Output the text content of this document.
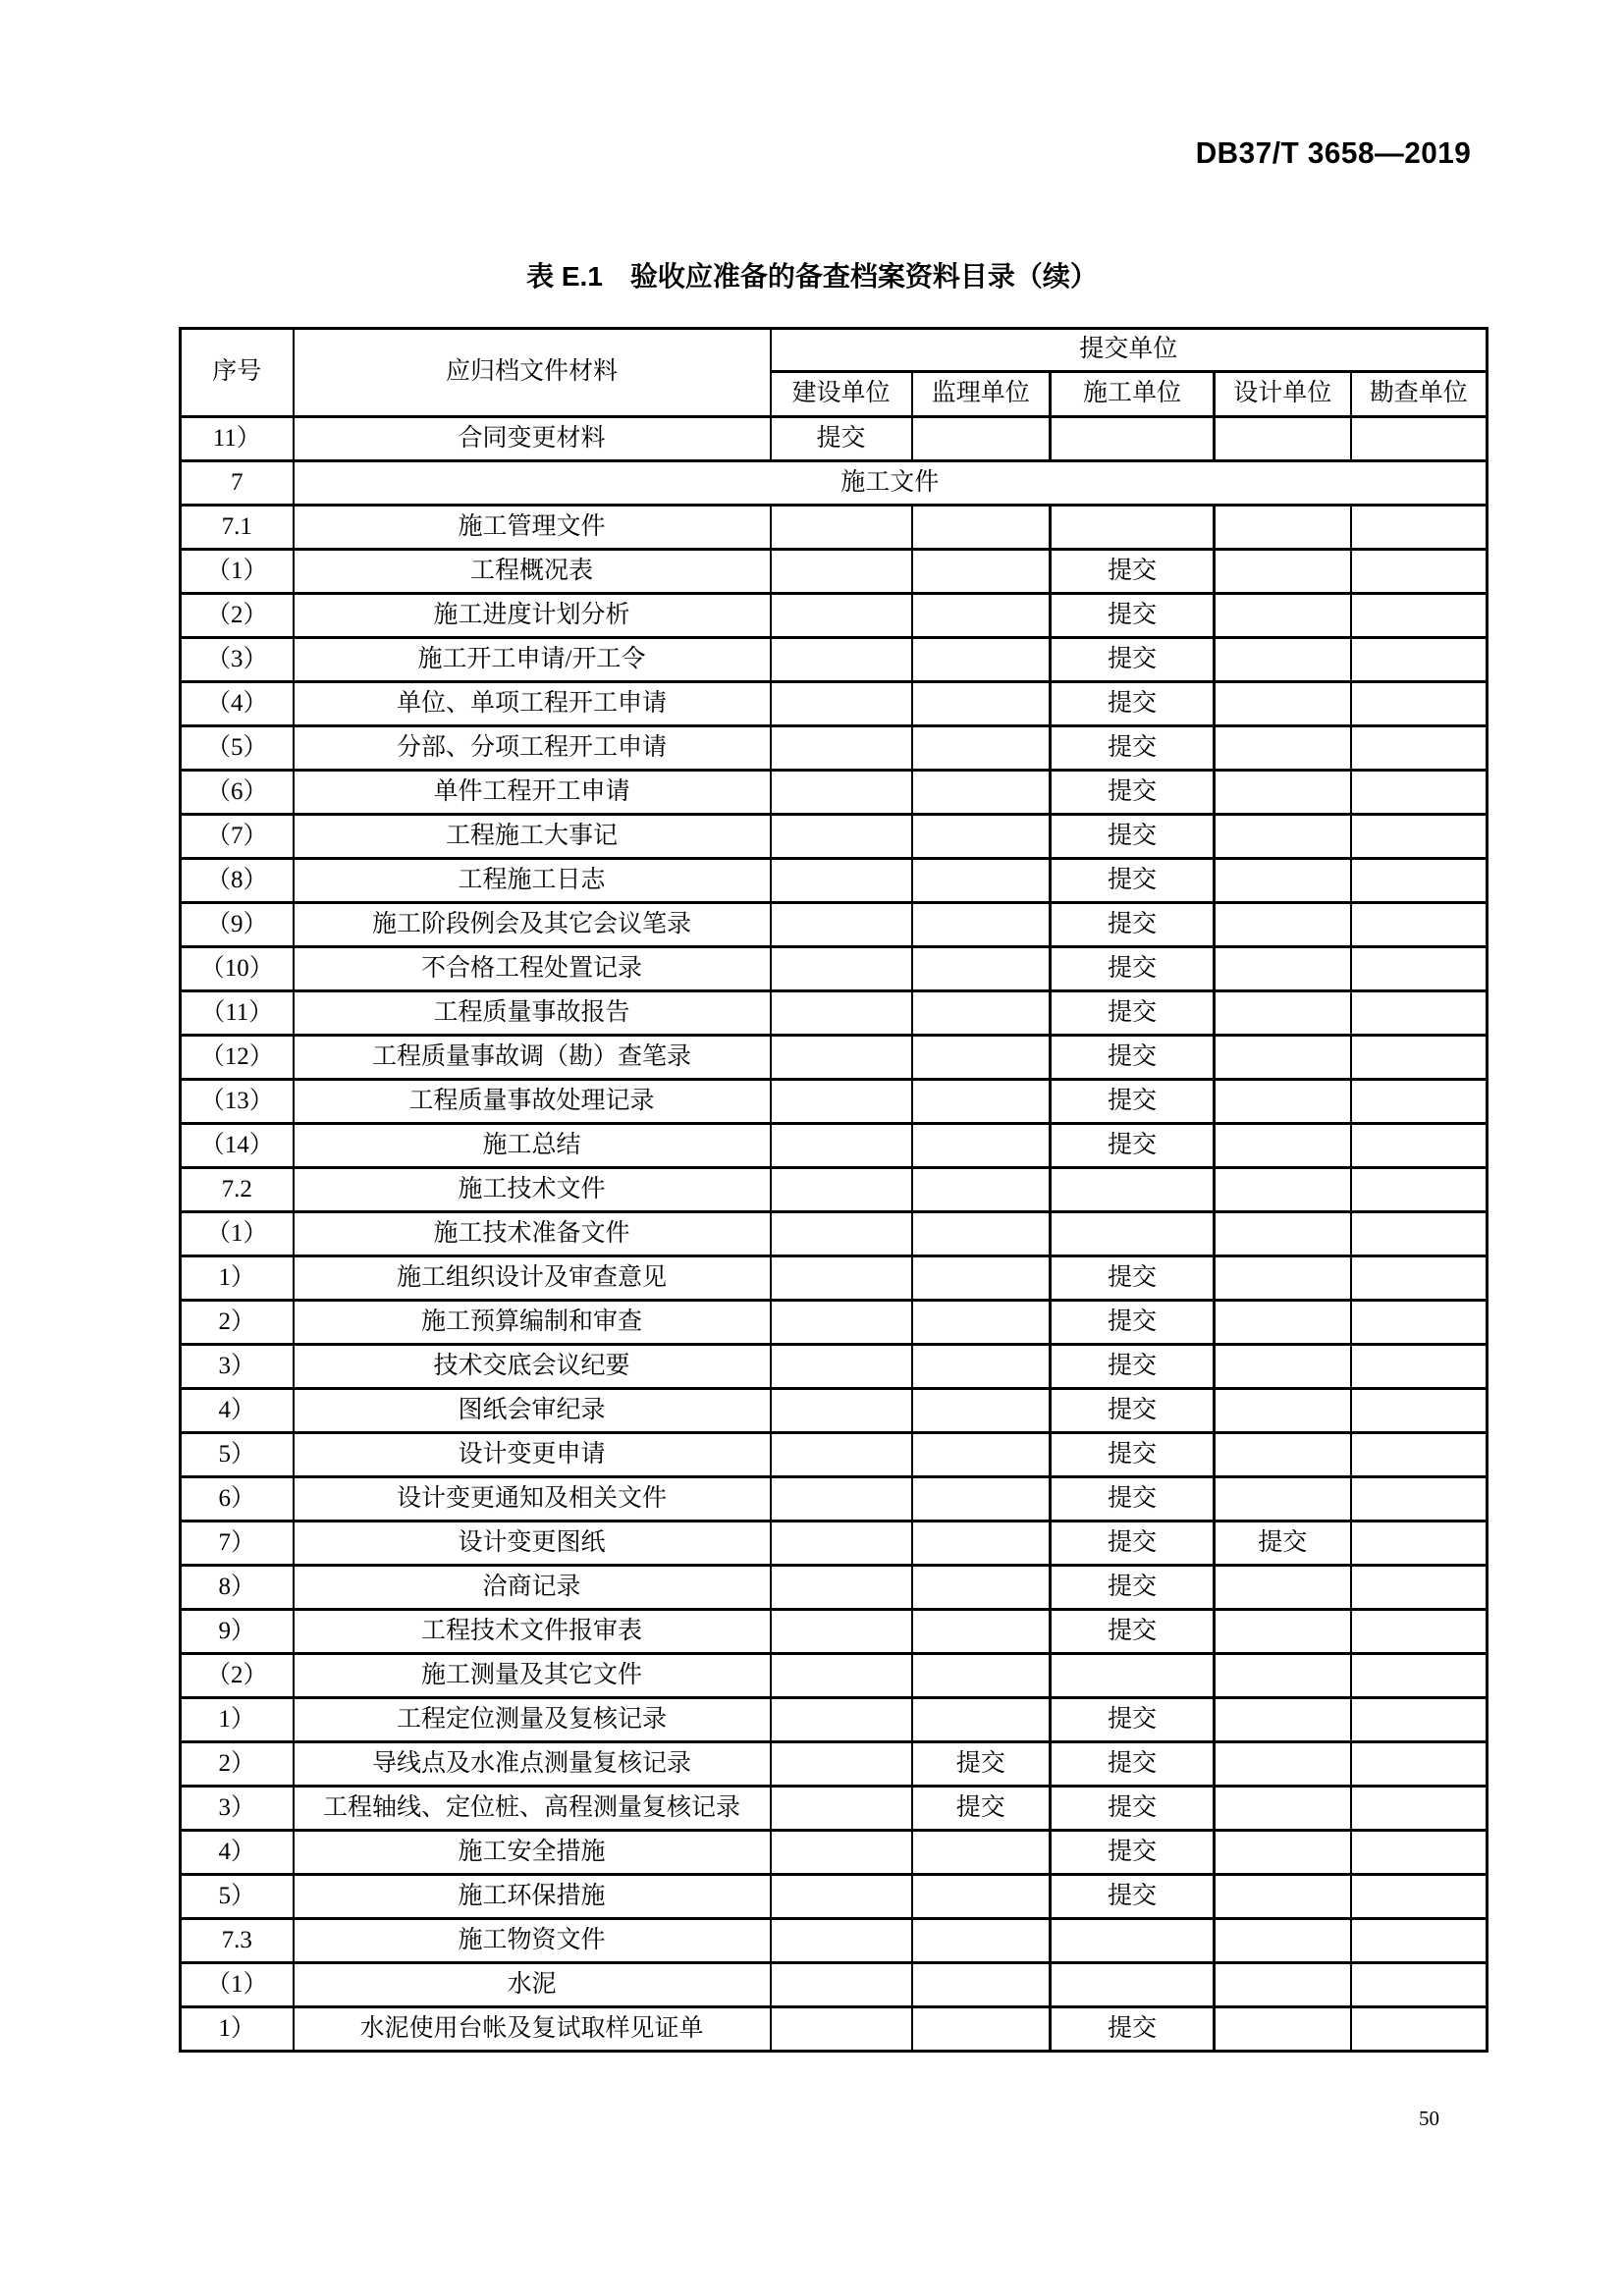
DB37/T 3658—2019
表 E.1　验收应准备的备查档案资料目录（续）
序号	应归档文件材料	提交单位				
		建设单位	监理单位	施工单位	设计单位	勘查单位
11）	合同变更材料	提交				
7	施工文件					
7.1	施工管理文件					
（1）	工程概况表			提交		
（2）	施工进度计划分析			提交		
（3）	施工开工申请/开工令			提交		
（4）	单位、单项工程开工申请			提交		
（5）	分部、分项工程开工申请			提交		
（6）	单件工程开工申请			提交		
（7）	工程施工大事记			提交		
（8）	工程施工日志			提交		
（9）	施工阶段例会及其它会议笔录			提交		
（10）	不合格工程处置记录			提交		
（11）	工程质量事故报告			提交		
（12）	工程质量事故调（勘）查笔录			提交		
（13）	工程质量事故处理记录			提交		
（14）	施工总结			提交		
7.2	施工技术文件					
（1）	施工技术准备文件					
1）	施工组织设计及审查意见			提交		
2）	施工预算编制和审查			提交		
3）	技术交底会议纪要			提交		
4）	图纸会审纪录			提交		
5）	设计变更申请			提交		
6）	设计变更通知及相关文件			提交		
7）	设计变更图纸			提交	提交	
8）	洽商记录			提交		
9）	工程技术文件报审表			提交		
（2）	施工测量及其它文件					
1）	工程定位测量及复核记录			提交		
2）	导线点及水准点测量复核记录		提交	提交		
3）	工程轴线、定位桩、高程测量复核记录		提交	提交		
4）	施工安全措施			提交		
5）	施工环保措施			提交		
7.3	施工物资文件					
（1）	水泥					
1）	水泥使用台帐及复试取样见证单			提交		
50
